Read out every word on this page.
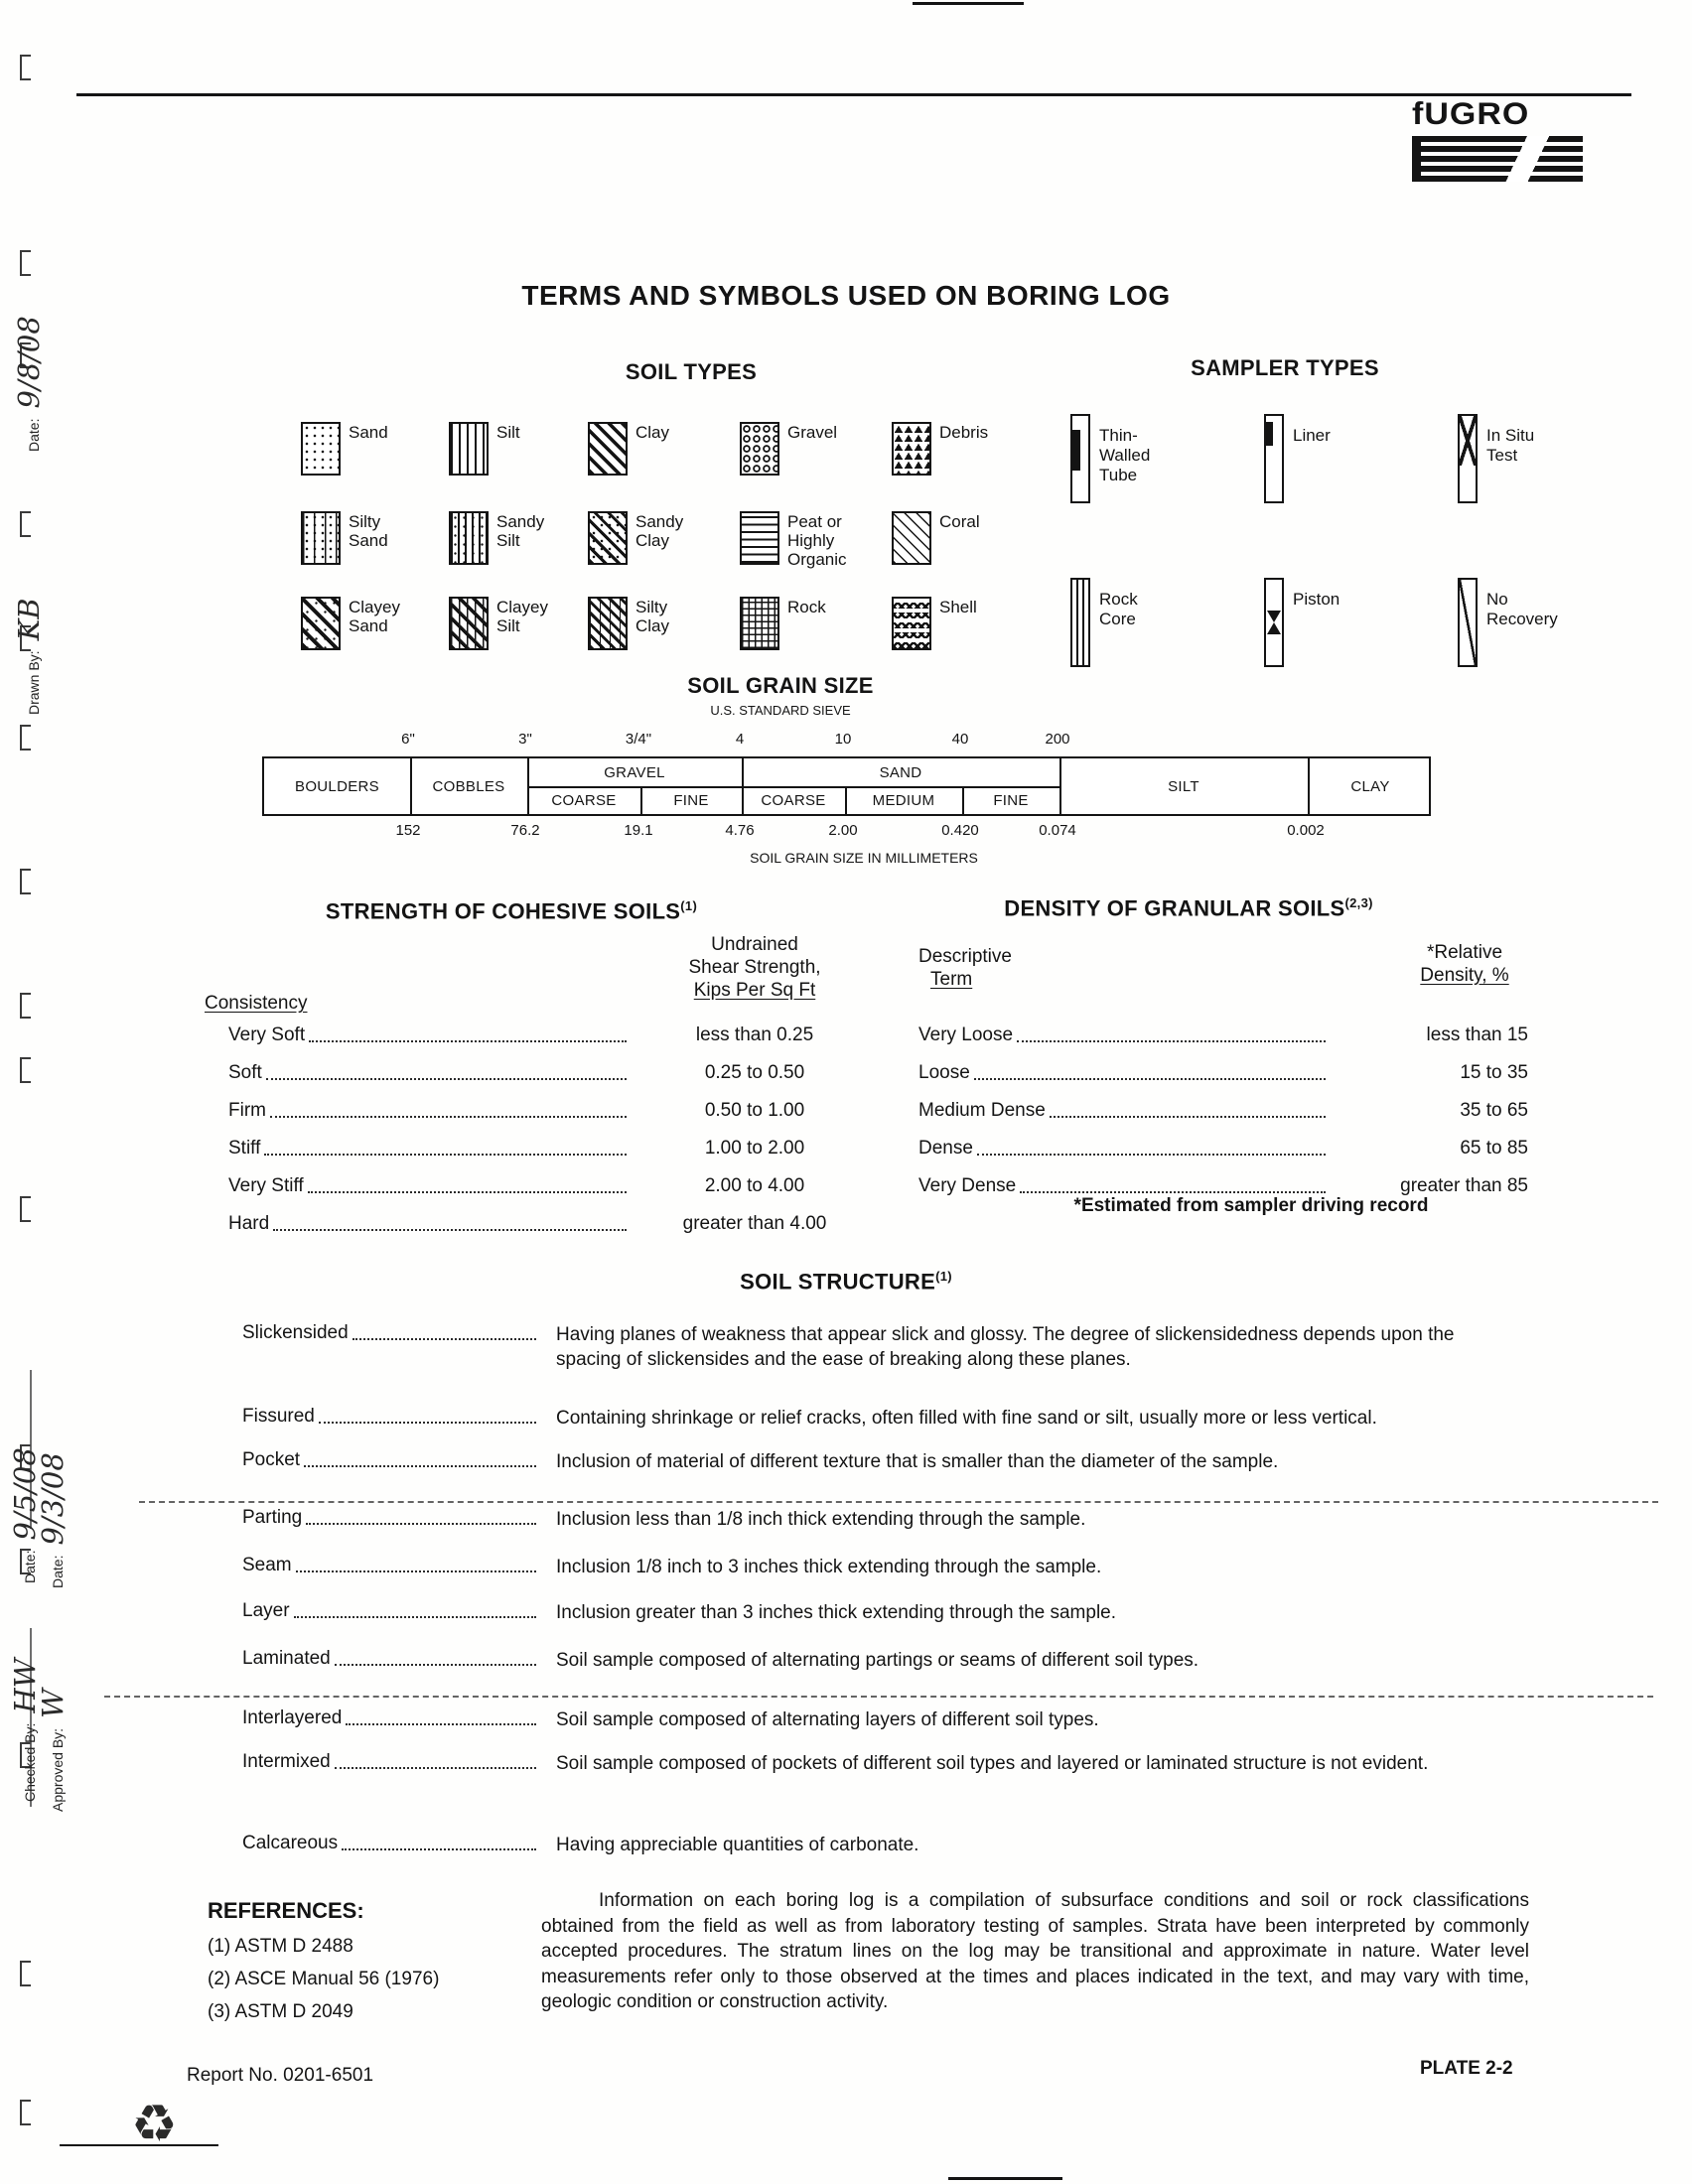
fUGRO
TERMS AND SYMBOLS USED ON BORING LOG
SOIL TYPES	SAMPLER TYPES
Sand	Silt	Clay	Gravel	Debris
Silty Sand
Sandy Silt
Sandy Clay
Peat or Highly Organic
Coral
Clayey Sand
Clayey Silt
Silty Clay
Rock	Shell
Thin-Walled Tube
Liner	In Situ Test
Rock Core
Piston	No Recovery
SOIL GRAIN SIZE
U.S. STANDARD SIEVE
6"	3"	3/4"	4	10	40	200
BOULDERS	COBBLES
GRAVEL
COARSE	FINE
SAND
COARSE	MEDIUM	FINE
SILT	CLAY
152	76.2	19.1	4.76	2.00	0.420	0.074	0.002
SOIL GRAIN SIZE IN MILLIMETERS
STRENGTH OF COHESIVE SOILS$^{(1)}$
Undrained
Shear Strength,
Kips Per Sq Ft
Consistency
Very Soft	less than 0.25
Soft	0.25 to 0.50
Firm	0.50 to 1.00
Stiff	1.00 to 2.00
Very Stiff	2.00 to 4.00
Hard	greater than 4.00
DENSITY OF GRANULAR SOILS$^{(2,3)}$
Descriptive
Term
*Relative
Density, %
Very Loose	less than 15
Loose	15 to 35
Medium Dense	35 to 65
Dense	65 to 85
Very Dense	greater than 85
*Estimated from sampler driving record
SOIL STRUCTURE$^{(1)}$
Slickensided	Having planes of weakness that appear slick and glossy. The degree of slickensidedness depends upon the spacing of slickensides and the ease of breaking along these planes.
Fissured	Containing shrinkage or relief cracks, often filled with fine sand or silt, usually more or less vertical.
Pocket	Inclusion of material of different texture that is smaller than the diameter of the sample.
Parting	Inclusion less than 1/8 inch thick extending through the sample.
Seam	Inclusion 1/8 inch to 3 inches thick extending through the sample.
Layer	Inclusion greater than 3 inches thick extending through the sample.
Laminated	Soil sample composed of alternating partings or seams of different soil types.
Interlayered	Soil sample composed of alternating layers of different soil types.
Intermixed	Soil sample composed of pockets of different soil types and layered or laminated structure is not evident.
Calcareous	Having appreciable quantities of carbonate.
REFERENCES:
(1) ASTM D 2488
(2) ASCE Manual 56 (1976)
(3) ASTM D 2049
Information on each boring log is a compilation of subsurface conditions and soil or rock classifications obtained from the field as well as from laboratory testing of samples. Strata have been interpreted by commonly accepted procedures. The stratum lines on the log may be transitional and approximate in nature. Water level measurements refer only to those observed at the times and places indicated in the text, and may vary with time, geologic condition or construction activity.
Report No. 0201-6501	PLATE 2-2
♻
Date:
9/8/08
Drawn By:
KB
Date:
9/5/08
Date:
9/3/08
Checked By:
HW
Approved By:
W
